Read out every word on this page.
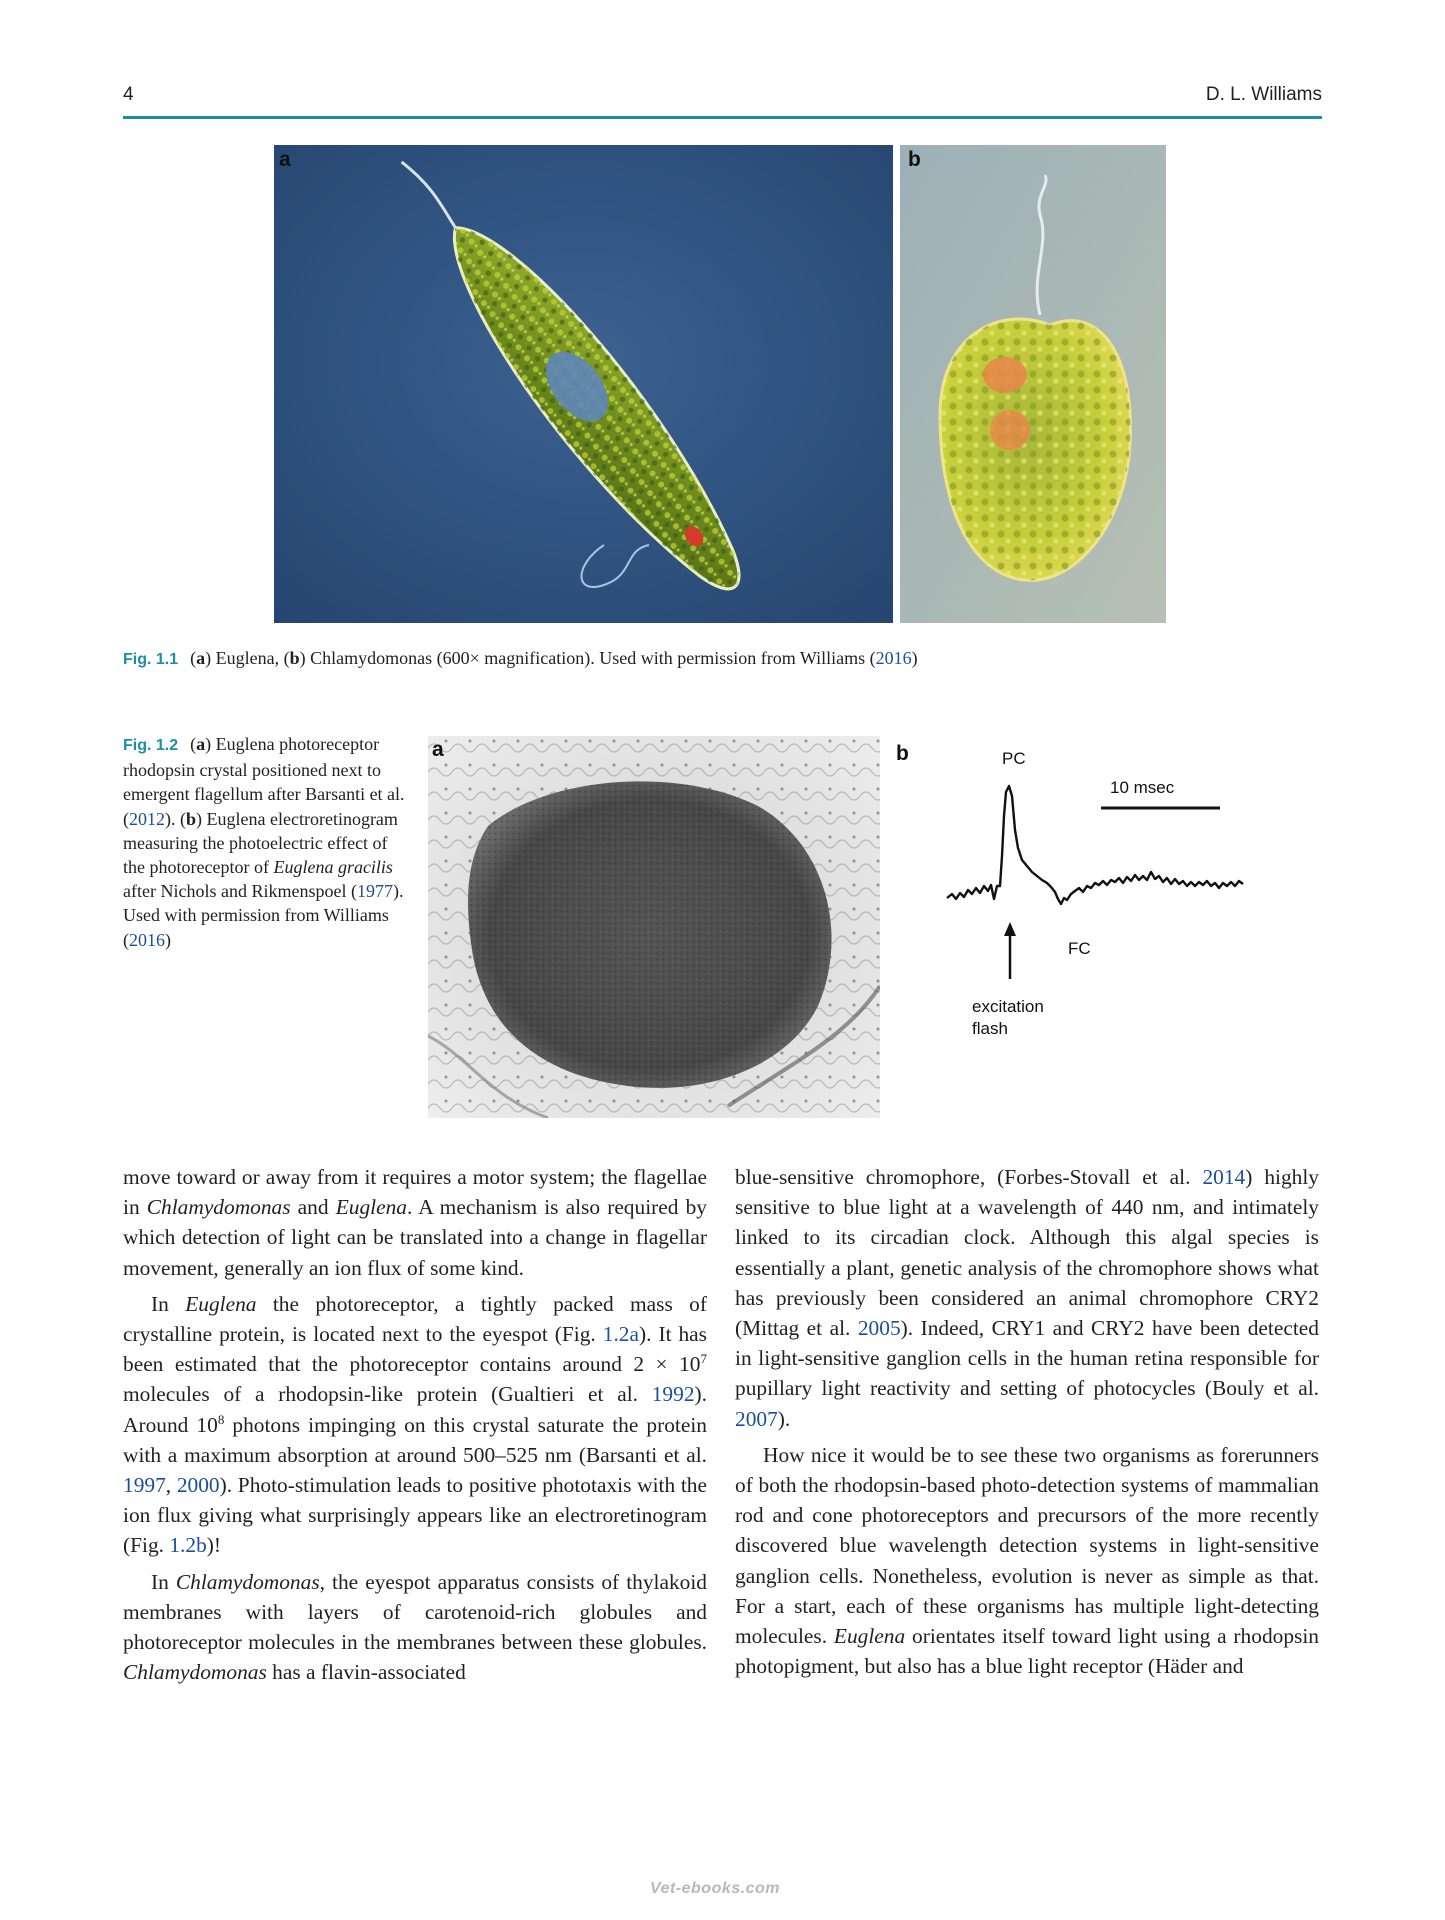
4	D. L. Williams
a	b
Fig. 1.1 (a) Euglena, (b) Chlamydomonas (600× magnification). Used with permission from Williams (2016)
Fig. 1.2 (a) Euglena photoreceptor rhodopsin crystal positioned next to emergent flagellum after Barsanti et al. (2012). (b) Euglena electroretinogram measuring the photoelectric effect of the photoreceptor of Euglena gracilis after Nichols and Rikmenspoel (1977). Used with permission from Williams (2016)
a	b	PC
10 msec
FC
excitation
flash

move toward or away from it requires a motor system; the flagellae in Chlamydomonas and Euglena. A mechanism is also required by which detection of light can be translated into a change in flagellar movement, generally an ion flux of some kind.

In Euglena the photoreceptor, a tightly packed mass of crystalline protein, is located next to the eyespot (Fig. 1.2a). It has been estimated that the photoreceptor contains around $2 \times 10^7$ molecules of a rhodopsin-like protein (Gualtieri et al. 1992). Around $10^8$ photons impinging on this crystal saturate the protein with a maximum absorption at around 500–525 nm (Barsanti et al. 1997, 2000). Photo-stimulation leads to positive phototaxis with the ion flux giving what surprisingly appears like an electroretinogram (Fig. 1.2b)!

In Chlamydomonas, the eyespot apparatus consists of thylakoid membranes with layers of carotenoid-rich globules and photoreceptor molecules in the membranes between these globules. Chlamydomonas has a flavin-associated

blue-sensitive chromophore, (Forbes-Stovall et al. 2014) highly sensitive to blue light at a wavelength of 440 nm, and intimately linked to its circadian clock. Although this algal species is essentially a plant, genetic analysis of the chromophore shows what has previously been considered an animal chromophore CRY2 (Mittag et al. 2005). Indeed, CRY1 and CRY2 have been detected in light-sensitive ganglion cells in the human retina responsible for pupillary light reactivity and setting of photocycles (Bouly et al. 2007).

How nice it would be to see these two organisms as forerunners of both the rhodopsin-based photo-detection systems of mammalian rod and cone photoreceptors and precursors of the more recently discovered blue wavelength detection systems in light-sensitive ganglion cells. Nonetheless, evolution is never as simple as that. For a start, each of these organisms has multiple light-detecting molecules. Euglena orientates itself toward light using a rhodopsin photopigment, but also has a blue light receptor (Häder and

Vet-ebooks.com
